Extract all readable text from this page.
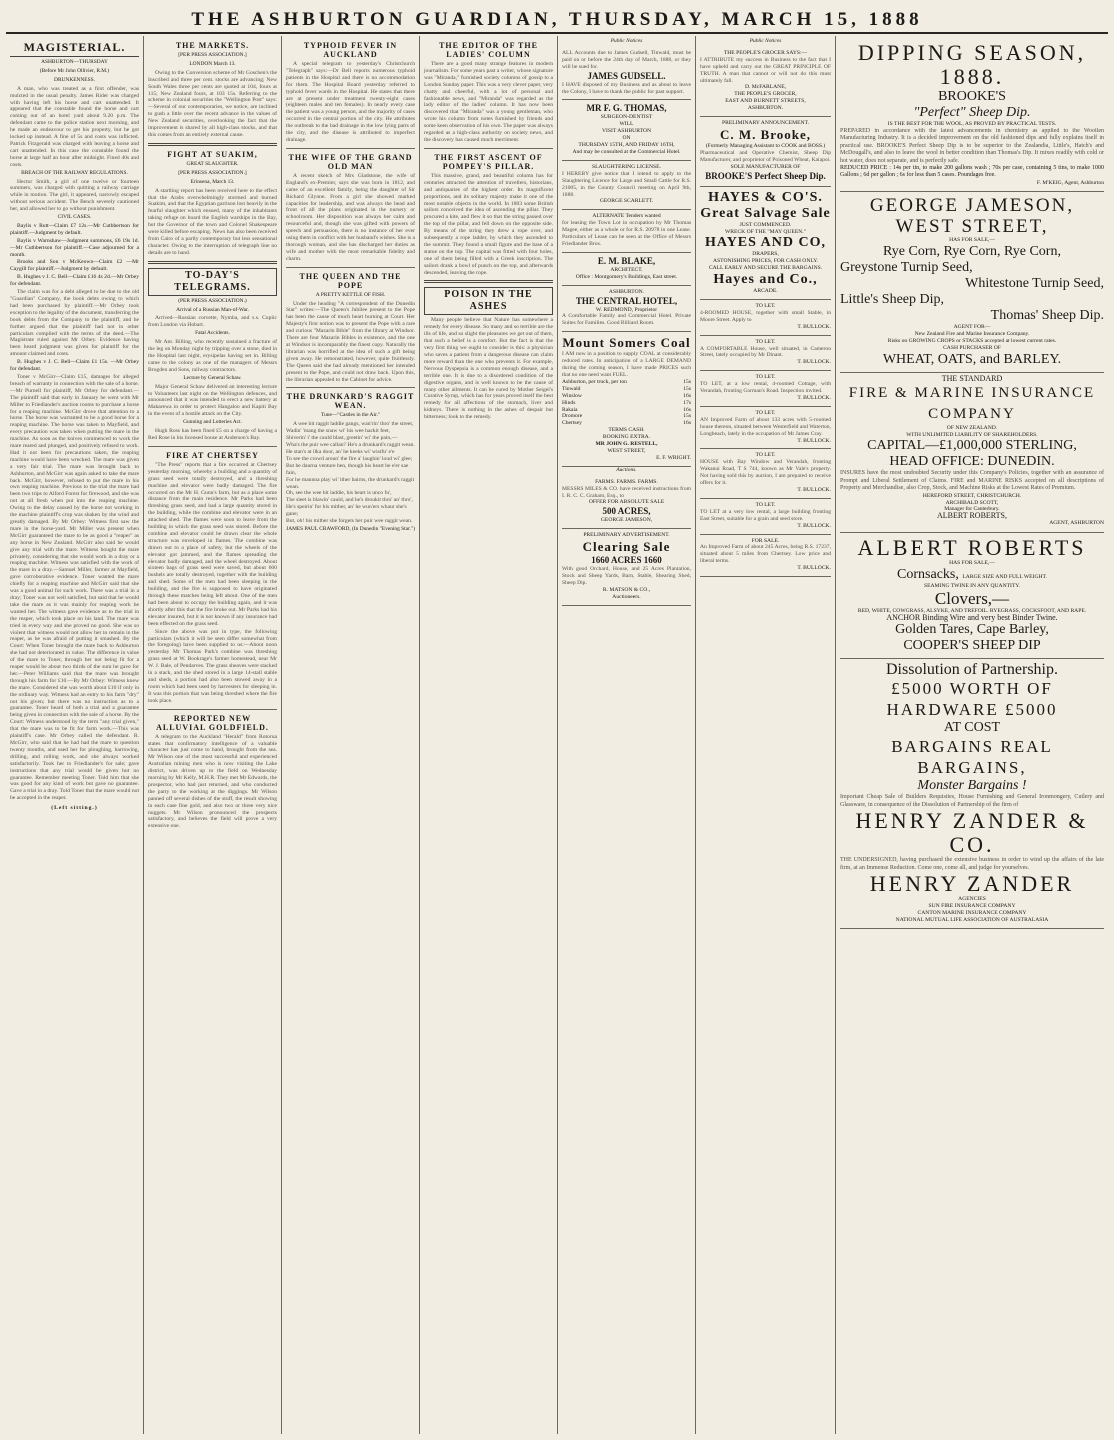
THE ASHBURTON GUARDIAN, THURSDAY, MARCH 15, 1888
MAGISTERIAL.
ASHBURTON—THURSDAY
(Before Mr John Ollivier, R.M.)
DRUNKENNESS.

A man, who was treated as a first offender, was mulcted in the usual penalty. James Rider was charged with having left his horse and cart unattended. It appeared that the constable found the horse and cart coming out of an hotel yard about 9.20 p.m. The defendant came to the police station next morning, and he made an endeavour to get his property, but he got locked up instead. A fine of 5s and costs was inflicted. Patrick Fitzgerald was charged with leaving a horse and cart unattended. In this case the constable found the horse at large half an hour after midnight. Fined 40s and costs.

BREACH OF THE RAILWAY REGULATIONS.

Hector Smith, a girl of one twelve or fourteen summers, was charged with quitting a railway carriage while in motion. The girl, it appeared, narrowly escaped without serious accident. The Bench severely cautioned her, and allowed her to go without punishment.

CIVIL CASES.

Baylis v Rutt—Claim £7 12s.—Mr Cuthbertson for plaintiff.—Judgment by default.

Baylis v Warnshaw—Judgment summons, £6 19s 1d.—Mr Cuthbertson for plaintiff.—Case adjourned for a month.

Brooks and Son v McKeown—Claim £2 —Mr Caygill for plaintiff.—Judgment by default.

B. Hughes v J. C. Bell—Claim £16 4s 2d.—Mr Orbey for defendant.

The claim was for a debt alleged to be due to the old "Guardian" Company, the book debts owing to which had been purchased by plaintiff.—Mr Orbey took exception to the legality of the document, transferring the book debts from the Company to the plaintiff, and he further argued that the plaintiff had not in other particulars complied with the terms of the deed.—The Magistrate ruled against Mr Orbey. Evidence having been heard judgment was given for plaintiff for the amount claimed and costs.

B. Hughes v J. C. Bell—Claim £1 15s. —Mr Orbey for defendant.

Toner v McGirr—Claim £15, damages for alleged breach of warranty in connection with the sale of a horse.—Mr Purnell for plaintiff, Mr Orbey for defendant.—The plaintiff said that early in January he went with Mr Miller to Friedlander's auction rooms to purchase a horse for a reaping machine. McGirr drove that attention to a horse. The horse was warranted to be a good horse for a reaping machine. The horse was taken to Mayfield, and every precaution was taken when putting the mare in the machine. As soon as the knives commenced to work the mare reared and plunged, and positively refused to work. Had it not been for precautions taken, the reaping machine would have been wrecked. The mare was given a very fair trial. The mare was brought back to Ashburton, and McGirr was again asked to take the mare back. McGirr, however, refused to put the mare in his own reaping machine. Previous to the trial the mare had been two trips to Alford Forest for firewood, and she was not at all fresh when put into the reaping machine. Owing to the delay caused by the horse not working in the machine plaintiff's crop was shaken by the wind and greatly damaged. By Mr Orbey: Witness first saw the mare in the horse-yard. Mr Miller was present when McGirr guaranteed the mare to be as good a "reaper" as any horse in New Zealand. McGirr also said he would give any trial with the mare. Witness bought the mare privately, considering that she would work in a dray or a reaping machine. Witness was satisfied with the work of the mare in a dray.—Samuel Miller, farmer at Mayfield, gave corroborative evidence. Toner wanted the mare chiefly for a reaping machine and McGirr said that she was a good animal for such work. There was a trial in a dray; Toner was not well satisfied, but said that he would take the mare as it was mainly for reaping work he wanted her. The witness gave evidence as to the trial in the reaper, which took place on his land. The mare was tried in every way and she proved no good. She was so violent that witness would not allow her to remain in the reaper, as he was afraid of putting it smashed. By the Court: When Toner brought the mare back to Ashburton she had not deteriorated in value. The difference in value of the mare to Toner, through her not being fit for a reaper would be about two thirds of the sum he gave for her.—Peter Williams said that the mare was brought through his farm for £10.—By Mr Orbey: Witness knew the mare. Considered she was worth about £10 if only in the ordinary way. Witness had an entry to his farm "dry" not his given; but there was no instruction as to a guarantee. Toner heard of both a trial and a guarantee being given in connection with the sale of a horse. By the Court: Witness understood by the term "any trial given," that the mare was to be fit for farm work.—This was plaintiff's case. Mr Orbey called the defendant. R. McGirr, who said that he had had the mare to question twenty months, and used her for ploughing, harrowing, drilling, and rolling work, and she always worked satisfactorily. Took her to Friedlander's for sale; gave instructions that any trial would be given but no guarantee. Remember meeting Toner. Told him that she was good for any kind of work but gave no guarantee. Gave a trial in a dray. Told Toner that the mare would not be accepted in the reaper.

(Left sitting.)
THE MARKETS.
[PER PRESS ASSOCIATION.]
LONDON March 13.

Owing to the Conversion scheme of Mr Goschen's the Inscribed and three per cent. stocks are advancing; New South Wales three per cents are quoted at 104, fours at 115; New Zealand fours, at 103 15s. Referring to the scheme in colonial securities the "Wellington Post" says:—Several of our contemporaries, we notice, are inclined to gush a little over the recent advance in the values of New Zealand securities, overlooking the fact that the improvement is shared by all high-class stocks, and that this comes from an entirely external cause.

FIGHT AT SUAKIM,
GREAT SLAUGHTER.
[PER PRESS ASSOCIATION.]
Erinsena, March 13.

A startling report has been received here to the effect that the Arabs overwhelmingly stormed and burned Suakim, and that the Egyptian garrison lost heavily in the fearful slaughter which ensued, many of the inhabitants taking refuge on board the English warships in the Bay, but the Governor of the town and Colonel Shakespeare were killed before escaping. News has also been received from Cairo of a partly contemporary but less sensational character. Owing to the interruption of telegraph line no details are to hand.

TO-DAY'S TELEGRAMS.
(PER PRESS ASSOCIATION.)
Arrival of a Russian Man-of-War.

Arrived—Russian corvette, Nymba, and s.s. Copiic from London via Hobart.

Fatal Accidents.

Mr Ant. Billing, who recently sustained a fracture of the leg on Monday night by tripping over a stone, died in the Hospital last night, erysipelas having set in. Billing came to the colony as one of the managers of Messrs Brogden and Sons, railway contractors.

Lecture by General Schaw.

Major General Schaw delivered an interesting lecture to Volunteers last night on the Wellington defences, and announced that it was intended to erect a new battery at Makarewa in order to protect Hangaloo and Kapiti Bay in the event of a hostile attack on the City.

Gunning and Lotteries Act.

Hugh Ross has been fined £5 on a charge of having a Red Rose in his licensed house at Anderson's Bay.

FIRE AT CHERTSEY

"The Press" reports that a fire occurred at Chertsey yesterday morning, whereby a building and a quantity of grass seed were totally destroyed, and a threshing machine and elevator were badly damaged. The fire occurred on the Mr H. Gunn's farm, but as a place some distance from the main residence. Mr Parks had been threshing grass seed, and had a large quantity stored in the building, while the combine and elevator were in an attached shed. The flames were soon to leave from the building in which the grass seed was stored. Before the combine and elevator could be drawn clear the whole structure was enveloped in flames. The combine was drawn out to a place of safety, but the wheels of the elevator got jammed, and the flames spreading the elevator badly damaged, and the wheel destroyed. About sixteen bags of grass seed were saved, but about 600 bushels are totally destroyed, together with the building and shed. Some of the men had been sleeping in the building, and the fire is supposed to have originated through these matches being left about. One of the men had been about to occupy the building again, and it was shortly after this that the fire broke out. Mr Parks had his elevator insured, but it is not known if any insurance had been effected on the grass seed.

Since the above was put in type, the following particulars (which it will be seen differ somewhat from the foregoing) have been supplied to us:—About noon yesterday Mr Thomas Park's combine was threshing grass seed at W. Bookrage's farmer homestead, near Mr W. J. Bale, of Pendarves. The grass sheaves were stacked in a stack, and the shed stored in a large 14-stall stable and sheds, a portion had also been stowed away in a room which had been used by harvesters for sleeping in. It was this portion that was being threshed where the fire took place.

REPORTED NEW ALLUVIAL GOLDFIELD.

A telegram to the Auckland "Herald" from Rotorua states that confirmatory intelligence of a valuable character has just come to hand, brought from the sea. Mr Wilson one of the most successful and experienced Australian mining men who is now visiting the Lake district, was driven up to the field on Wednesday morning by Mr Kelly, M.H.R. They met Mr Edwards, the prospector, who had just returned, and who conducted the party to the working at the diggings. Mr Wilson panned off several dishes of the stuff, the result showing in each case fine gold, and also two or three very nice nuggets. Mr Wilson pronounced the prospects satisfactory, and believes the field will prove a very extensive one.

TYPHOID FEVER IN AUCKLAND

A special telegram to yesterday's Christchurch "Telegraph" says:—Dr Bell reports numerous typhoid patients in the Hospital and there is no accommodation for them. The Hospital Board yesterday referred to typhoid fever wards in the Hospital. He states that there are at present under treatment twenty-eight cases (eighteen males and ten females). In nearly every case the patient was a young person, and the majority of cases occurred in the central portion of the city. He attributes the outbreak to the bad drainage in the low lying parts of the city, and the disease is attributed to imperfect drainage.

THE WIFE OF THE GRAND OLD MAN

A recent sketch of Mrs Gladstone, the wife of England's ex-Premier, says she was born in 1812, and came of an excellent family, being the daughter of Sir Richard Glynne. From a girl she showed marked capacities for leadership, and was always the head and front of all the plans originated in the nursery or schoolroom. Her disposition was always her calm and resourceful and, though she was gifted with powers of speech and persuasion, there is no instance of her ever using them in conflict with her husband's wishes. She is a thorough woman, and she has discharged her duties as wife and mother with the most remarkable fidelity and charm.

THE QUEEN AND THE POPE
A PRETTY KETTLE OF FISH.

Under the heading "A correspondent of the Dunedin Star" writes:—The Queen's Jubilee present to the Pope has been the cause of much heart burning at Court. Her Majesty's first notion was to present the Pope with a rare and curious "Mazarin Bible" from the library at Windsor. There are four Mazarin Bibles in existence, and the one at Windsor is incomparably the finest copy. Naturally the librarian was horrified at the idea of such a gift being given away. He remonstrated, however, quite fruitlessly. The Queen said she had already mentioned her intended present to the Pope, and could not draw back. Upon this, the librarian appealed to the Cabinet for advice.

THE DRUNKARD'S RAGGIT WEAN.
Tune—"Castles in the Air."

A wee bit raggit laddie gangs, wan'rin' thro' the street,
Wadin' 'mang the snaw wi' his wee hackit feet,
Shiverin' i' the cauld blast, greetin' wi' the pain,—
Wha's the puir wee callan? He's a drunkard's raggit wean.
He stan's at ilka door, an' he keeks wi' wistfu' e'e
To see the crowd aroun' the fire a' laughin' loud wi' glee;
But he daurna venture ben, though his heart be e'er sae fain,
For he maunna play wi' ither bairns, the drunkard's raggit wean.
Oh, see the wee bit laddie, his heart is unco fu',
The sleet is blawin' cauld, and he's droukit thro' an' thro',
He's speirin' for his mither, an' he wun'ers whaur she's gane;
But, oh! his mither she forgets her puir wee raggit wean.

JAMES PAUL CRAWFORD, (In Dunedin "Evening Star.")
THE EDITOR OF THE LADIES' COLUMN

There are a good many strange features in modern journalism. For some years past a writer, whose signature was "Miranda," furnished society columns of gossip to a London Sunday paper. This was a very clever paper, very chatty and cheerful, with a lot of personal and fashionable news, and "Miranda" was regarded as the lady editor of the ladies' column. It has now been discovered that "Miranda" was a young gentleman, who wrote his column from notes furnished by friends and some keen observation of his own. The paper was always regarded as a high-class authority on society news, and the discovery has caused much merriment.

THE FIRST ASCENT OF POMPEY'S PILLAR.

This massive, grand, and beautiful column has for centuries attracted the attention of travellers, historians, and antiquaries of the highest order. Its magnificent proportions, and its solitary majesty make it one of the most notable objects in the world. In 1803 some British sailors conceived the idea of ascending the pillar. They procured a kite, and flew it so that the string passed over the top of the pillar, and fell down on the opposite side. By means of the string they drew a rope over, and subsequently a rope ladder, by which they ascended to the summit. They found a small figure and the base of a statue on the top. The capital was fitted with four holes, one of them being filled with a Greek inscription. The sailors drank a bowl of punch on the top, and afterwards descended, leaving the rope.

POISON IN THE ASHES

Many people believe that Nature has somewhere a remedy for every disease. So many and so terrible are the ills of life, and so slight the pleasures we get out of them, that such a belief is a comfort. But the fact is that the very first thing we ought to consider is this: a physician who saves a patient from a dangerous disease can claim more reward than the one who prevents it. For example, Nervous Dyspepsia is a common enough disease, and a terrible one. It is due to a disordered condition of the digestive organs, and is well known to be the cause of many other ailments. It can be cured by Mother Seigel's Curative Syrup, which has for years proved itself the best remedy for all affections of the stomach, liver and kidneys. There is nothing in the ashes of despair but bitterness; look to the remedy.

Public Notices
ALL Accounts due to James Gudsell, Tinwald, must be paid on or before the 24th day of March, 1888, or they will be sued for.
JAMES GUDSELL.
I HAVE disposed of my Business and as about to leave the Colony, I have to thank the public for past support.
MR F. G. THOMAS,
SURGEON-DENTIST
WILL
VISIT ASHBURTON
ON
THURSDAY 15TH, AND FRIDAY 16TH,
And may be consulted at the Commercial Hotel.
SLAUGHTERING LICENSE.
I HEREBY give notice that I intend to apply to the Slaughtering Licence for Large and Small Cattle for R.S. 21005, in the County Council meeting on April 9th, 1888.
GEORGE SCARLETT.
ALTERNATE Tenders wanted
for leasing the Town Lot in occupation by Mr Thomas Magee, either as a whole or for R.S. 20978 in one Lease. Particulars of Lease can be seen at the Office of Messrs Friedlander Bros.
E. M. BLAKE,
ARCHITECT.
Office : Montgomery's Buildings, East street.
ASHBURTON.
THE CENTRAL HOTEL,
W. REDMOND, Proprietor
A Comfortable Family and Commercial Hotel. Private Suites for Families. Good Billiard Room.
Mount Somers Coal
I AM now in a position to supply COAL at considerably reduced rates. In anticipation of a LARGE DEMAND during the coming season, I have made PRICES such that no one need want FUEL.
Ashburton, per truck, per ton	15s
Tinwald	15s
Winslow	16s
Hinds	17s
Rakaia	16s
Dromore	15s
Chertsey	16s
TERMS CASH.
BOOKING EXTRA.
MR JOHN G. RESTELL,
WEST STREET,
E. F. WRIGHT.
Auctions.
FARMS. FARMS. FARMS.
MESSRS MILES & CO. have received instructions from I. R. C. C. Graham, Esq., to
OFFER FOR ABSOLUTE SALE
500 ACRES,
GEORGE JAMESON,
PRELIMINARY ADVERTISEMENT.
Clearing Sale
1660 ACRES 1660
With good Orchard, House, and 25 Acres Plantation, Stock and Sheep Yards, Barn, Stable, Shearing Shed, Sheep Dip.
R. MATSON & CO.,
Auctioneers.
Public Notices
THE PEOPLE'S GROCER SAYS:—
I ATTRIBUTE my success in Business to the fact that I have upheld and carry out the GREAT PRINCIPLE OF TRUTH. A man that cannot or will not do this must ultimately fall.
D. McFARLANE,
THE PEOPLE'S GROCER,
EAST AND BURNETT STREETS,
ASHBURTON.
PRELIMINARY ANNOUNCEMENT.
C. M. Brooke,
(Formerly Managing Assistant to COOK and BOSS.)
Pharmaceutical and Operative Chemist, Sheep Dip Manufacturer, and proprietor of Poisoned Wheat, Kaiapoi.
SOLE MANUFACTURER OF
BROOKE'S Perfect Sheep Dip.
HAYES & CO'S.
Great Salvage Sale
JUST COMMENCED.
WRECK OF THE "MAY QUEEN."
HAYES AND CO,
DRAPERS,
ASTONISHING PRICES, FOR CASH ONLY.
CALL EARLY AND SECURE THE BARGAINS.
Hayes and Co.,
ARCADE.
TO LET.
4-ROOMED HOUSE, together with small Stable, in Moore Street. Apply to
T. BULLOCK.
TO LET.
A COMFORTABLE House, well situated, in Cameron Street, lately occupied by Mr Dinant.
T. BULLOCK.
TO LET.
TO LET, at a low rental, 4-roomed Cottage, with Verandah, fronting Gorman's Road. Inspection invited.
T. BULLOCK.
TO LET.
AN Improved Farm of about 133 acres with 5-roomed house thereon, situated between Westerfield and Waterton, Longbeach, lately in the occupation of Mr James Cray.
T. BULLOCK.
TO LET.
HOUSE with Bay Window and Verandah, fronting Wakanui Road, T S 744, known as Mr Vale's property. Not having sold this by auction, I am prepared to receive offers for it.
T. BULLOCK.
TO LET.
TO LET at a very low rental, a large building fronting East Street, suitable for a grain and seed store.
T. BULLOCK.
FOR SALE.
An Improved Farm of about 245 Acres, being R.S. 17237, situated about 5 miles from Chertsey. Low price and liberal terms.
T. BULLOCK.
DIPPING SEASON, 1888.
BROOKE'S
"Perfect" Sheep Dip.
IS THE BEST FOR THE WOOL, AS PROVED BY PRACTICAL TESTS.
PREPARED in accordance with the latest advancements in chemistry as applied to the Woollen Manufacturing Industry. It is a decided improvement on the old fashioned dips and fully explains itself in practical use. BROOKE'S Perfect Sheep Dip is to be superior to the Zealandia, Little's, Hatch's and McDougall's, and also to leave the wool in better condition than Thomas's Dip. It mixes readily with cold or hot water, does not separate, and is perfectly safe.
REDUCED PRICE : 14s per tin, to make 200 gallons wash ; 70s per case, containing 5 tins, to make 1000 Gallons ; 6d per gallon ; 6s for less than 5 cases. Poundages free.
F. M'KEIG, Agent, Ashburton
GEORGE JAMESON,
WEST STREET,
HAS FOR SALE,—
Rye Corn, Rye Corn, Rye Corn,
Greystone Turnip Seed,
Whitestone Turnip Seed,
Little's Sheep Dip,
Thomas' Sheep Dip.
AGENT FOR—
New Zealand Fire and Marine Insurance Company.
Risks on GROWING CROPS or STACKS accepted at lowest current rates.
CASH PURCHASER OF
WHEAT, OATS, and BARLEY.
THE STANDARD
FIRE & MARINE INSURANCE COMPANY
OF NEW ZEALAND.
WITH UNLIMITED LIABILITY OF SHAREHOLDERS.
CAPITAL—£1,000,000 STERLING,
HEAD OFFICE: DUNEDIN.
INSURES have the most undoubted Security under this Company's Policies, together with an assurance of Prompt and Liberal Settlement of Claims. FIRE and MARINE RISKS accepted on all descriptions of Property and Merchandise, also Crop, Stock, and Machine Risks at the Lowest Rates of Premium.
HEREFORD STREET, CHRISTCHURCH.
ARCHIBALD SCOTT,
Manager for Canterbury.
ALBERT ROBERTS,
AGENT, ASHBURTON
ALBERT ROBERTS
HAS FOR SALE,—
Cornsacks, LARGE SIZE AND FULL WEIGHT.
SEAMING TWINE IN ANY QUANTITY.
Clovers,—
RED, WHITE, COWGRASS, ALSYKE, AND TREFOIL. RYEGRASS, COCKSFOOT, AND RAPE.
ANCHOR Binding Wire and very best Binder Twine.
Golden Tares, Cape Barley,
COOPER'S SHEEP DIP
Dissolution of Partnership.
£5000 WORTH OF HARDWARE £5000
AT COST
BARGAINS REAL BARGAINS,
Monster Bargains !
Important Cheap Sale of Builders Requisites, House Furnishing and General Ironmongery, Cutlery and Glassware, in consequence of the Dissolution of Partnership of the firm of
HENRY ZANDER & CO.
THE UNDERSIGNED, having purchased the extensive business in order to wind up the affairs of the late firm, at an Immense Reduction. Come one, come all, and judge for yourselves.
HENRY ZANDER
AGENCIES
SUN FIRE INSURANCE COMPANY
CANTON MARINE INSURANCE COMPANY
NATIONAL MUTUAL LIFE ASSOCIATION OF AUSTRALASIA
